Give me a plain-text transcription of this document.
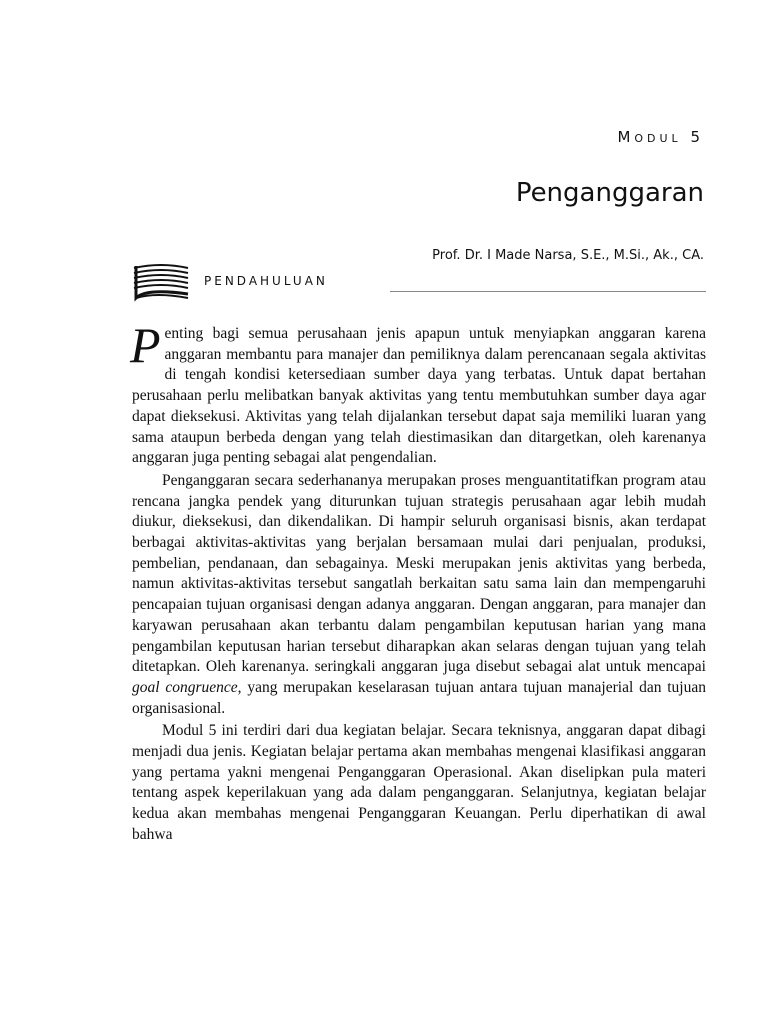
Modul 5
Penganggaran
Prof. Dr. I Made Narsa, S.E., M.Si., Ak., CA.
PENDAHULUAN

Penting bagi semua perusahaan jenis apapun untuk menyiapkan anggaran karena anggaran membantu para manajer dan pemiliknya dalam perencanaan segala aktivitas di tengah kondisi ketersediaan sumber daya yang terbatas. Untuk dapat bertahan perusahaan perlu melibatkan banyak aktivitas yang tentu membutuhkan sumber daya agar dapat dieksekusi. Aktivitas yang telah dijalankan tersebut dapat saja memiliki luaran yang sama ataupun berbeda dengan yang telah diestimasikan dan ditargetkan, oleh karenanya anggaran juga penting sebagai alat pengendalian.

Penganggaran secara sederhananya merupakan proses menguantitatifkan program atau rencana jangka pendek yang diturunkan tujuan strategis perusahaan agar lebih mudah diukur, dieksekusi, dan dikendalikan. Di hampir seluruh organisasi bisnis, akan terdapat berbagai aktivitas-aktivitas yang berjalan bersamaan mulai dari penjualan, produksi, pembelian, pendanaan, dan sebagainya. Meski merupakan jenis aktivitas yang berbeda, namun aktivitas-aktivitas tersebut sangatlah berkaitan satu sama lain dan mempengaruhi pencapaian tujuan organisasi dengan adanya anggaran. Dengan anggaran, para manajer dan karyawan perusahaan akan terbantu dalam pengambilan keputusan harian yang mana pengambilan keputusan harian tersebut diharapkan akan selaras dengan tujuan yang telah ditetapkan. Oleh karenanya. seringkali anggaran juga disebut sebagai alat untuk mencapai goal congruence, yang merupakan keselarasan tujuan antara tujuan manajerial dan tujuan organisasional.

Modul 5 ini terdiri dari dua kegiatan belajar. Secara teknisnya, anggaran dapat dibagi menjadi dua jenis. Kegiatan belajar pertama akan membahas mengenai klasifikasi anggaran yang pertama yakni mengenai Penganggaran Operasional. Akan diselipkan pula materi tentang aspek keperilakuan yang ada dalam penganggaran. Selanjutnya, kegiatan belajar kedua akan membahas mengenai Penganggaran Keuangan. Perlu diperhatikan di awal bahwa
